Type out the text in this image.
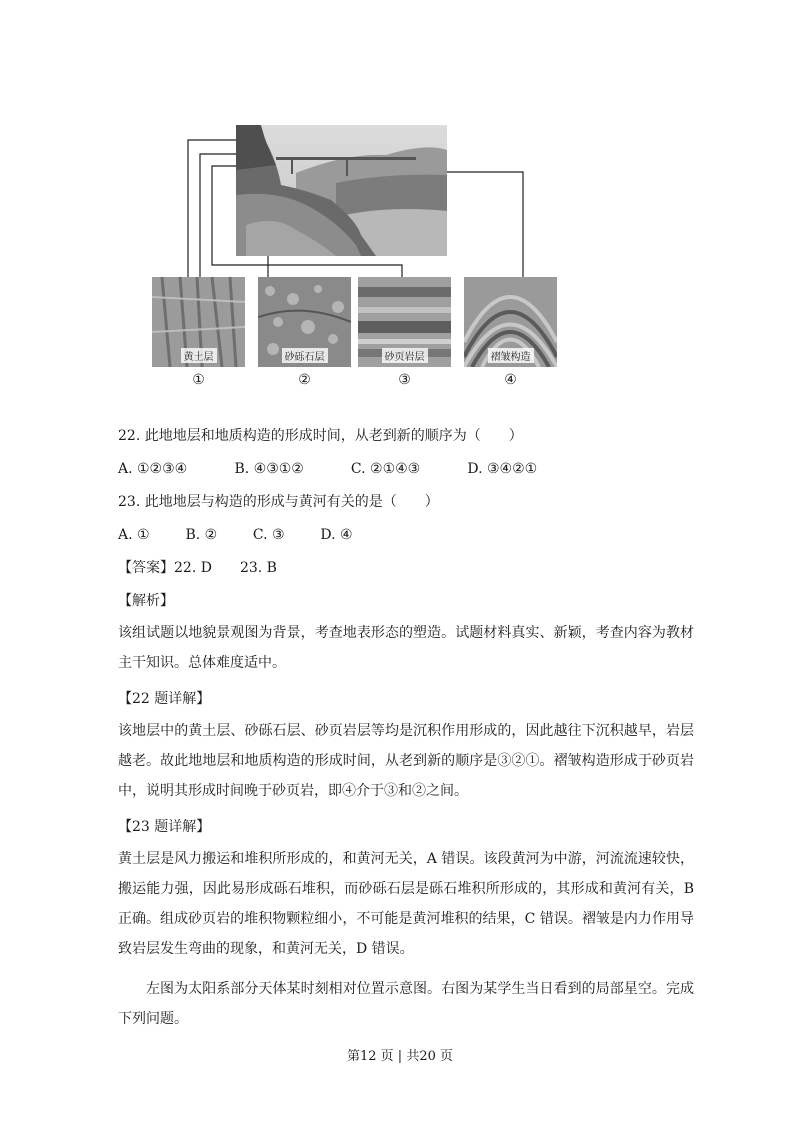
黄土层	砂砾石层	砂页岩层	褶皱构造
①	②	③	④
22. 此地地层和地质构造的形成时间，从老到新的顺序为（　　）
A. ①②③④	B. ④③①②	C. ②①④③	D. ③④②①
23. 此地地层与构造的形成与黄河有关的是（　　）
A. ①	B. ②	C. ③	D. ④
【答案】22. D　　23. B
【解析】
该组试题以地貌景观图为背景，考查地表形态的塑造。试题材料真实、新颖，考查内容为教材主干知识。总体难度适中。
【22 题详解】
该地层中的黄土层、砂砾石层、砂页岩层等均是沉积作用形成的，因此越往下沉积越早，岩层越老。故此地地层和地质构造的形成时间，从老到新的顺序是③②①。褶皱构造形成于砂页岩中，说明其形成时间晚于砂页岩，即④介于③和②之间。
【23 题详解】
黄土层是风力搬运和堆积所形成的，和黄河无关，A 错误。该段黄河为中游，河流流速较快，搬运能力强，因此易形成砾石堆积，而砂砾石层是砾石堆积所形成的，其形成和黄河有关，B 正确。组成砂页岩的堆积物颗粒细小，不可能是黄河堆积的结果，C 错误。褶皱是内力作用导致岩层发生弯曲的现象，和黄河无关，D 错误。
左图为太阳系部分天体某时刻相对位置示意图。右图为某学生当日看到的局部星空。完成下列问题。
第12 页 | 共20 页
